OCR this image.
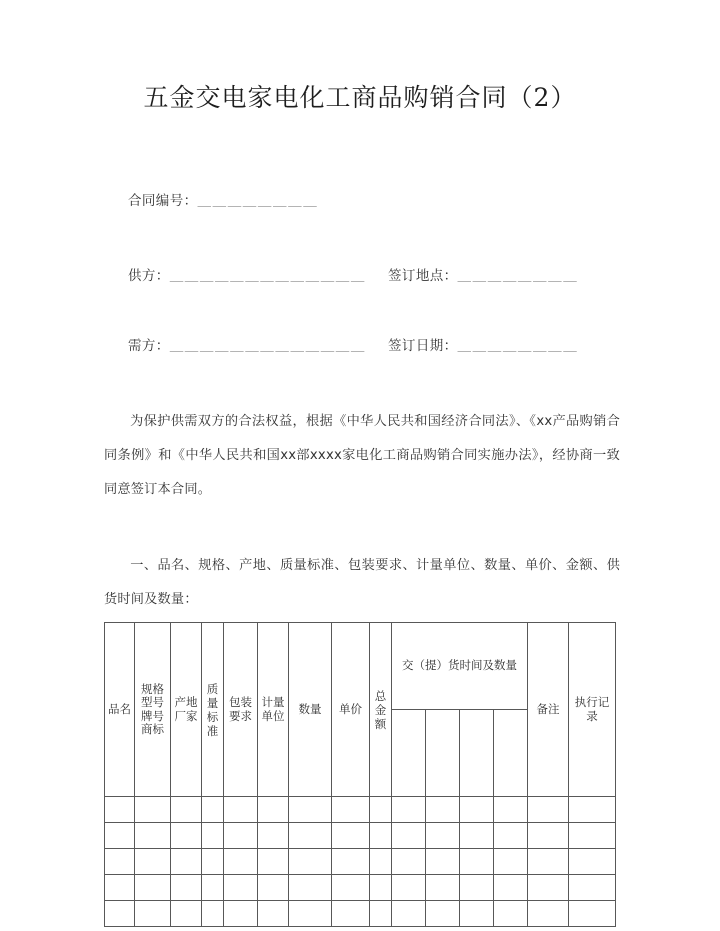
五金交电家电化工商品购销合同（2）
合同编号：＿＿＿＿＿＿＿＿
供方：＿＿＿＿＿＿＿＿＿＿＿＿＿ 签订地点：＿＿＿＿＿＿＿＿
需方：＿＿＿＿＿＿＿＿＿＿＿＿＿ 签订日期：＿＿＿＿＿＿＿＿
为保护供需双方的合法权益，根据《中华人民共和国经济合同法》、《xx产品购销合同条例》和《中华人民共和国xx部xxxx家电化工商品购销合同实施办法》，经协商一致同意签订本合同。
一、品名、规格、产地、质量标准、包装要求、计量单位、数量、单价、金额、供货时间及数量：
品名	规格型号牌号商标	产地厂家	质量标准	包装要求	计量单位	数量	单价	总金额	交（提）货时间及数量				备注	执行记录
